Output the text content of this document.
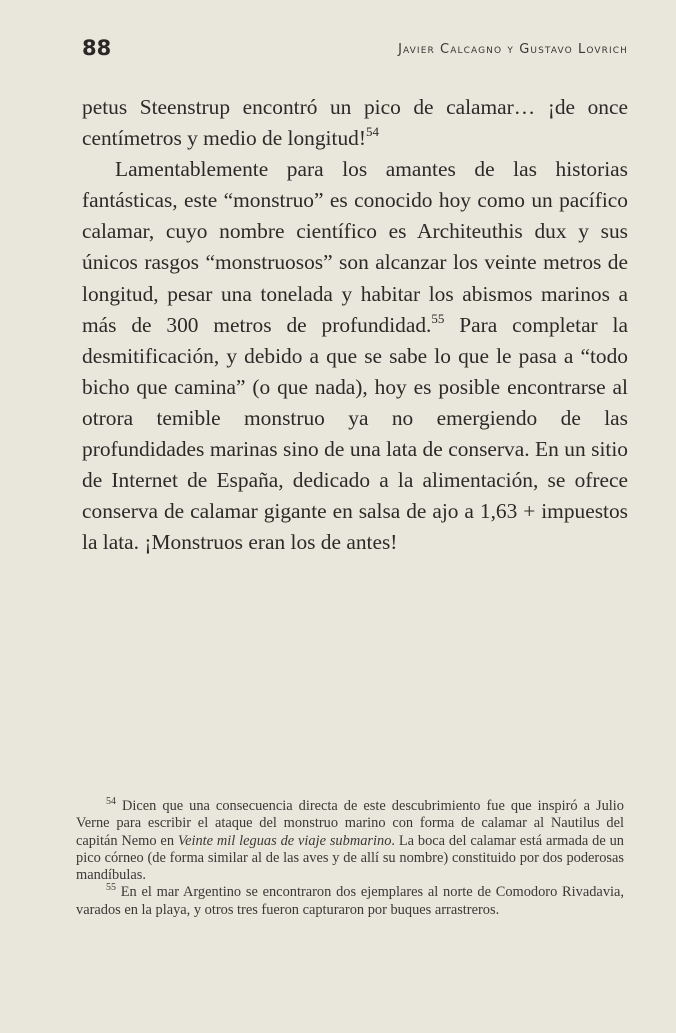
88	Javier Calcagno y Gustavo Lovrich

petus Steenstrup encontró un pico de calamar… ¡de once centímetros y medio de longitud!$^{54}$

Lamentablemente para los amantes de las historias fantásticas, este “monstruo” es conocido hoy como un pacífico calamar, cuyo nombre científico es Architeuthis dux y sus únicos rasgos “monstruosos” son alcanzar los veinte metros de longitud, pesar una tonelada y habitar los abismos marinos a más de 300 metros de profundidad.$^{55}$ Para completar la desmitificación, y debido a que se sabe lo que le pasa a “todo bicho que camina” (o que nada), hoy es posible encontrarse al otrora temible monstruo ya no emergiendo de las profundidades marinas sino de una lata de conserva. En un sitio de Internet de España, dedicado a la alimentación, se ofrece conserva de calamar gigante en salsa de ajo a 1,63 + impuestos la lata. ¡Monstruos eran los de antes!

$^{54}$ Dicen que una consecuencia directa de este descubrimiento fue que inspiró a Julio Verne para escribir el ataque del monstruo marino con forma de calamar al Nautilus del capitán Nemo en Veinte mil leguas de viaje submarino. La boca del calamar está armada de un pico córneo (de forma similar al de las aves y de allí su nombre) constituido por dos poderosas mandíbulas.

$^{55}$ En el mar Argentino se encontraron dos ejemplares al norte de Comodoro Rivadavia, varados en la playa, y otros tres fueron capturaron por buques arrastreros.
